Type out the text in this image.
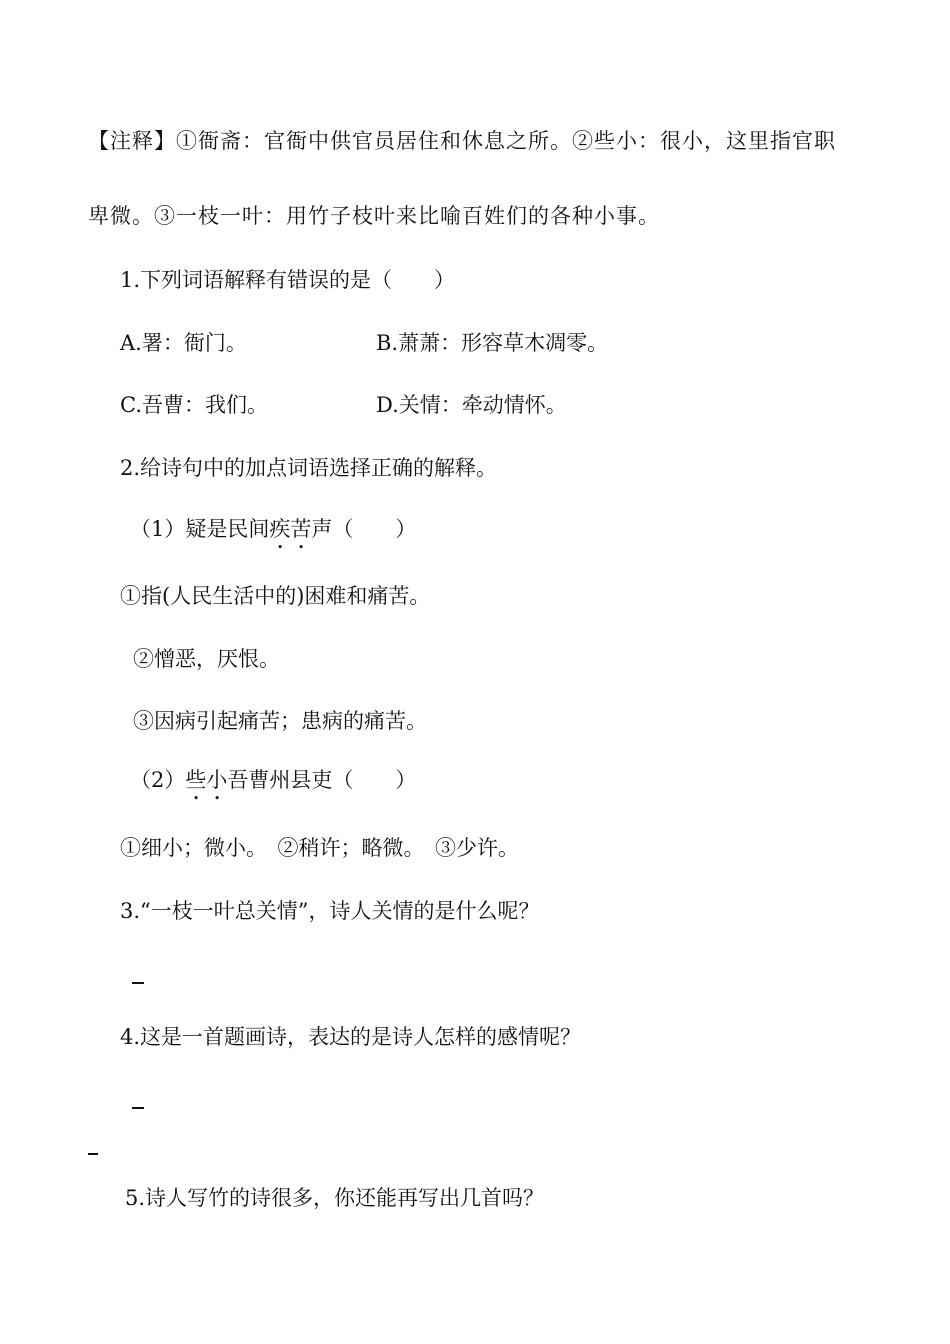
【注释】①衙斋：官衙中供官员居住和休息之所。②些小：很小，这里指官职
卑微。③一枝一叶：用竹子枝叶来比喻百姓们的各种小事。
1.下列词语解释有错误的是（　　）
A.署：衙门。	B.萧萧：形容草木凋零。
C.吾曹：我们。	D.关情：牵动情怀。
2.给诗句中的加点词语选择正确的解释。
（1）疑是民间疾苦声（　　）
①指(人民生活中的)困难和痛苦。
②憎恶，厌恨。
③因病引起痛苦；患病的痛苦。
（2）些小吾曹州县吏（　　）
①细小；微小。　②稍许；略微。　③少许。
3.“一枝一叶总关情”，诗人关情的是什么呢？
4.这是一首题画诗，表达的是诗人怎样的感情呢？
5.诗人写竹的诗很多，你还能再写出几首吗？
